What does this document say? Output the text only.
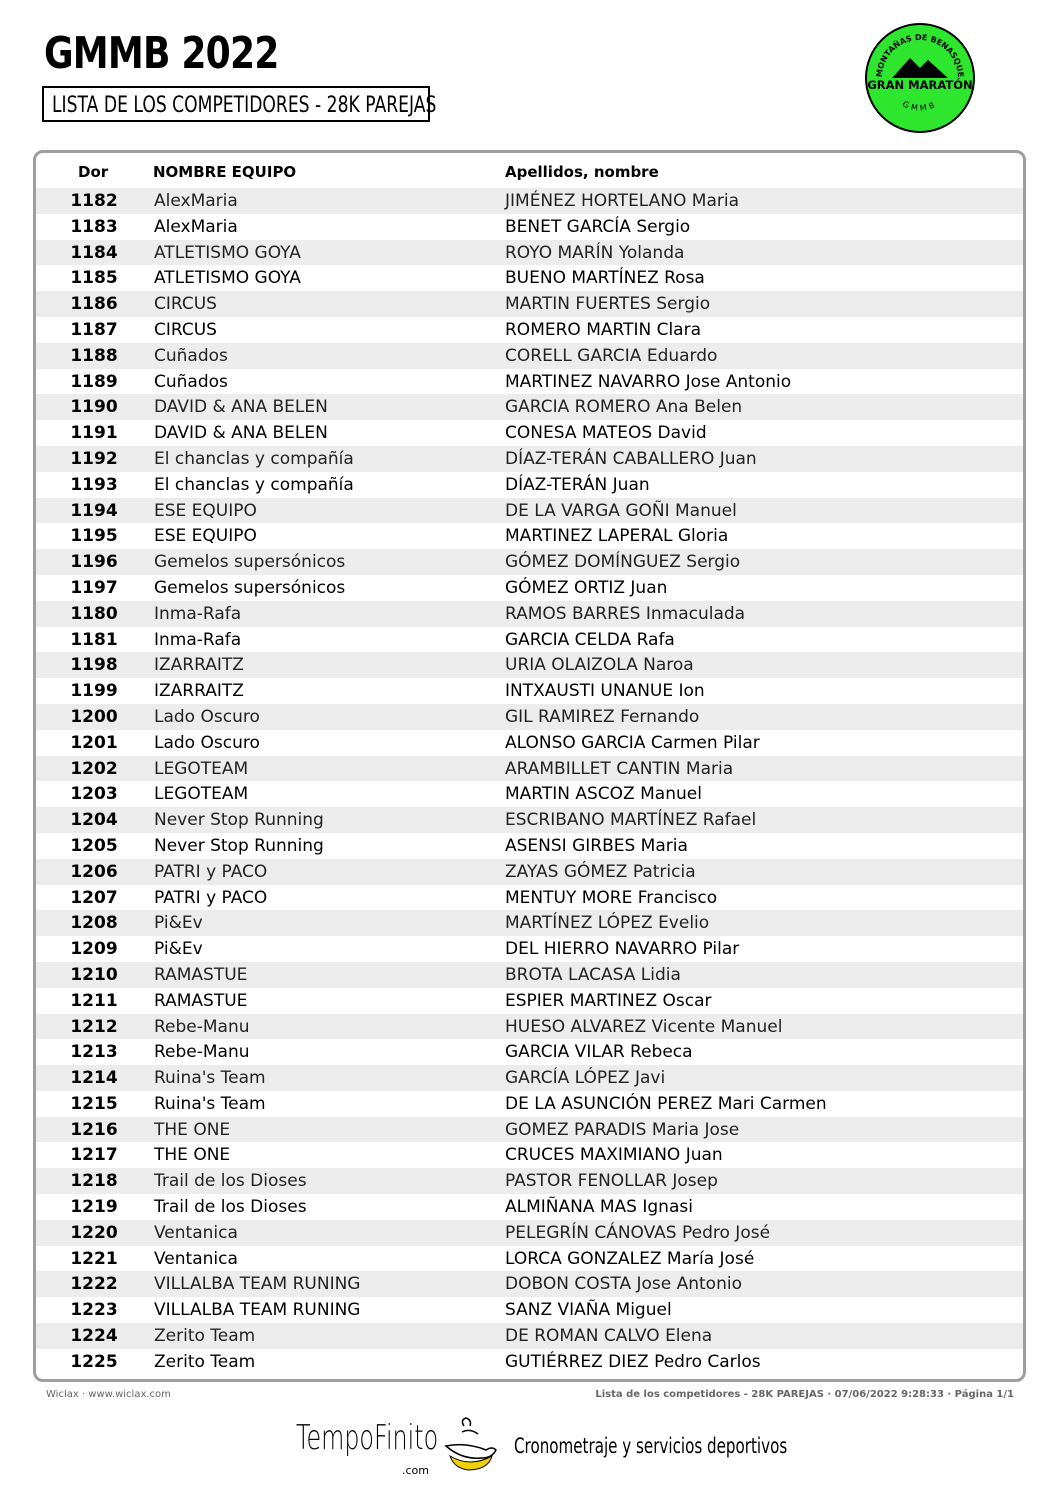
GMMB 2022
LISTA DE LOS COMPETIDORES - 28K PAREJAS
MONTAÑAS DE BENASQUE
GRAN MARATÓN
GMMB
Dor	NOMBRE EQUIPO	Apellidos, nombre
1182 AlexMaria	JIMÉNEZ HORTELANO Maria
1183 AlexMaria	BENET GARCÍA Sergio
1184 ATLETISMO GOYA	ROYO MARÍN Yolanda
1185 ATLETISMO GOYA	BUENO MARTÍNEZ Rosa
1186 CIRCUS	MARTIN FUERTES Sergio
1187 CIRCUS	ROMERO MARTIN Clara
1188 Cuñados	CORELL GARCIA Eduardo
1189 Cuñados	MARTINEZ NAVARRO Jose Antonio
1190 DAVID & ANA BELEN	GARCIA ROMERO Ana Belen
1191 DAVID & ANA BELEN	CONESA MATEOS David
1192 El chanclas y compañía	DÍAZ-TERÁN CABALLERO Juan
1193 El chanclas y compañía	DÍAZ-TERÁN Juan
1194 ESE EQUIPO	DE LA VARGA GOÑI Manuel
1195 ESE EQUIPO	MARTINEZ LAPERAL Gloria
1196 Gemelos supersónicos	GÓMEZ DOMÍNGUEZ Sergio
1197 Gemelos supersónicos	GÓMEZ ORTIZ Juan
1180 Inma-Rafa	RAMOS BARRES Inmaculada
1181 Inma-Rafa	GARCIA CELDA Rafa
1198 IZARRAITZ	URIA OLAIZOLA Naroa
1199 IZARRAITZ	INTXAUSTI UNANUE Ion
1200 Lado Oscuro	GIL RAMIREZ Fernando
1201 Lado Oscuro	ALONSO GARCIA Carmen Pilar
1202 LEGOTEAM	ARAMBILLET CANTIN Maria
1203 LEGOTEAM	MARTIN ASCOZ Manuel
1204 Never Stop Running	ESCRIBANO MARTÍNEZ Rafael
1205 Never Stop Running	ASENSI GIRBES Maria
1206 PATRI y PACO	ZAYAS GÓMEZ Patricia
1207 PATRI y PACO	MENTUY MORE Francisco
1208 Pi&Ev	MARTÍNEZ LÓPEZ Evelio
1209 Pi&Ev	DEL HIERRO NAVARRO Pilar
1210 RAMASTUE	BROTA LACASA Lidia
1211 RAMASTUE	ESPIER MARTINEZ Oscar
1212 Rebe-Manu	HUESO ALVAREZ Vicente Manuel
1213 Rebe-Manu	GARCIA VILAR Rebeca
1214 Ruina's Team	GARCÍA LÓPEZ Javi
1215 Ruina's Team	DE LA ASUNCIÓN PEREZ Mari Carmen
1216 THE ONE	GOMEZ PARADIS Maria Jose
1217 THE ONE	CRUCES MAXIMIANO Juan
1218 Trail de los Dioses	PASTOR FENOLLAR Josep
1219 Trail de los Dioses	ALMIÑANA MAS Ignasi
1220 Ventanica	PELEGRÍN CÁNOVAS Pedro José
1221 Ventanica	LORCA GONZALEZ María José
1222 VILLALBA TEAM RUNING	DOBON COSTA Jose Antonio
1223 VILLALBA TEAM RUNING	SANZ VIAÑA Miguel
1224 Zerito Team	DE ROMAN CALVO Elena
1225 Zerito Team	GUTIÉRREZ DIEZ Pedro Carlos
Wiclax · www.wiclax.com	Lista de los competidores - 28K PAREJAS · 07/06/2022 9:28:33 · Página 1/1
TempoFinito
.com
Cronometraje y servicios deportivos
